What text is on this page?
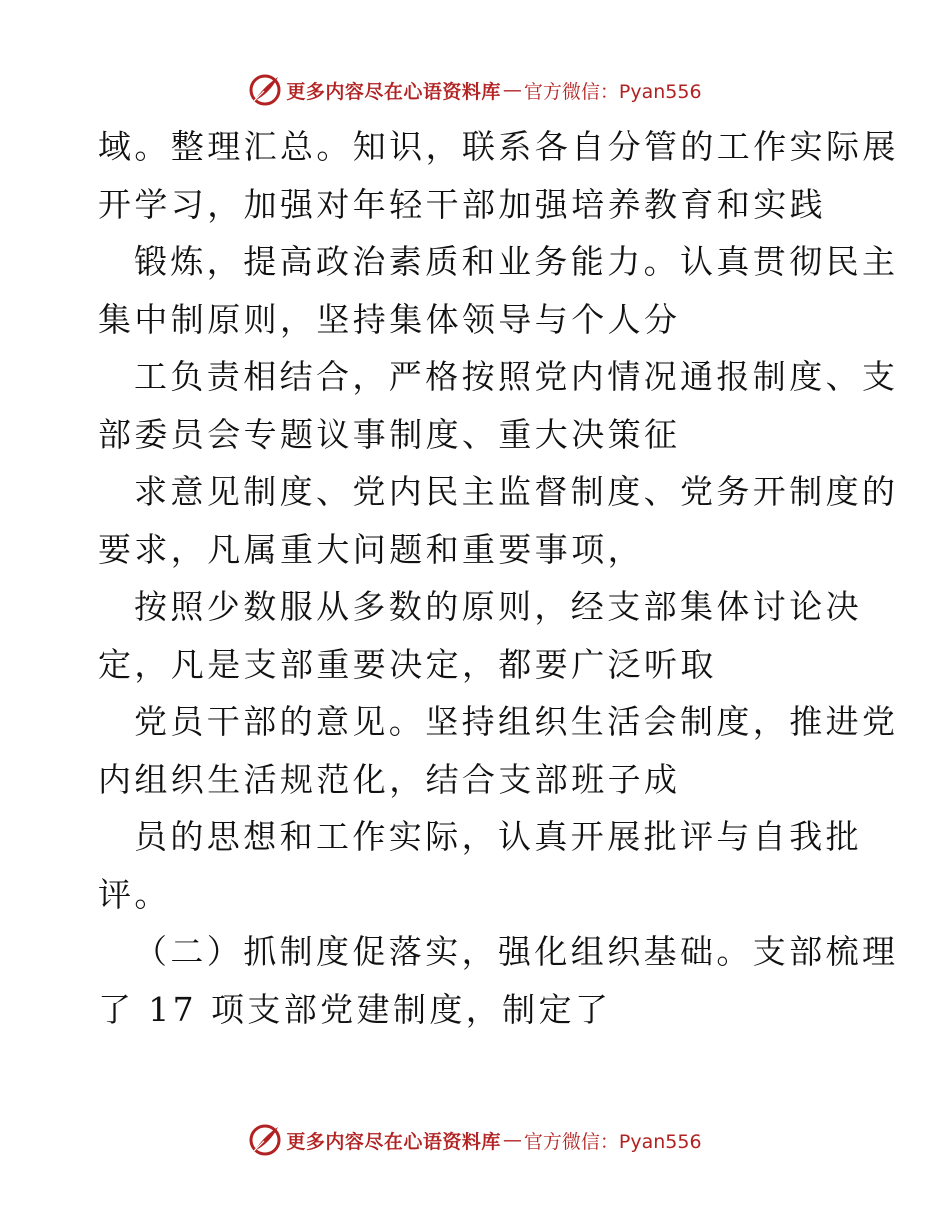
更多内容尽在心语资料库 — 官方微信：Pyan556
域。整理汇总。知识，联系各自分管的工作实际展
开学习，加强对年轻干部加强培养教育和实践
锻炼，提高政治素质和业务能力。认真贯彻民主
集中制原则，坚持集体领导与个人分
工负责相结合，严格按照党内情况通报制度、支
部委员会专题议事制度、重大决策征
求意见制度、党内民主监督制度、党务开制度的
要求，凡属重大问题和重要事项，
按照少数服从多数的原则，经支部集体讨论决
定，凡是支部重要决定，都要广泛听取
党员干部的意见。坚持组织生活会制度，推进党
内组织生活规范化，结合支部班子成
员的思想和工作实际，认真开展批评与自我批
评。
（二）抓制度促落实，强化组织基础。支部梳理
了 17 项支部党建制度，制定了
更多内容尽在心语资料库 — 官方微信：Pyan556
